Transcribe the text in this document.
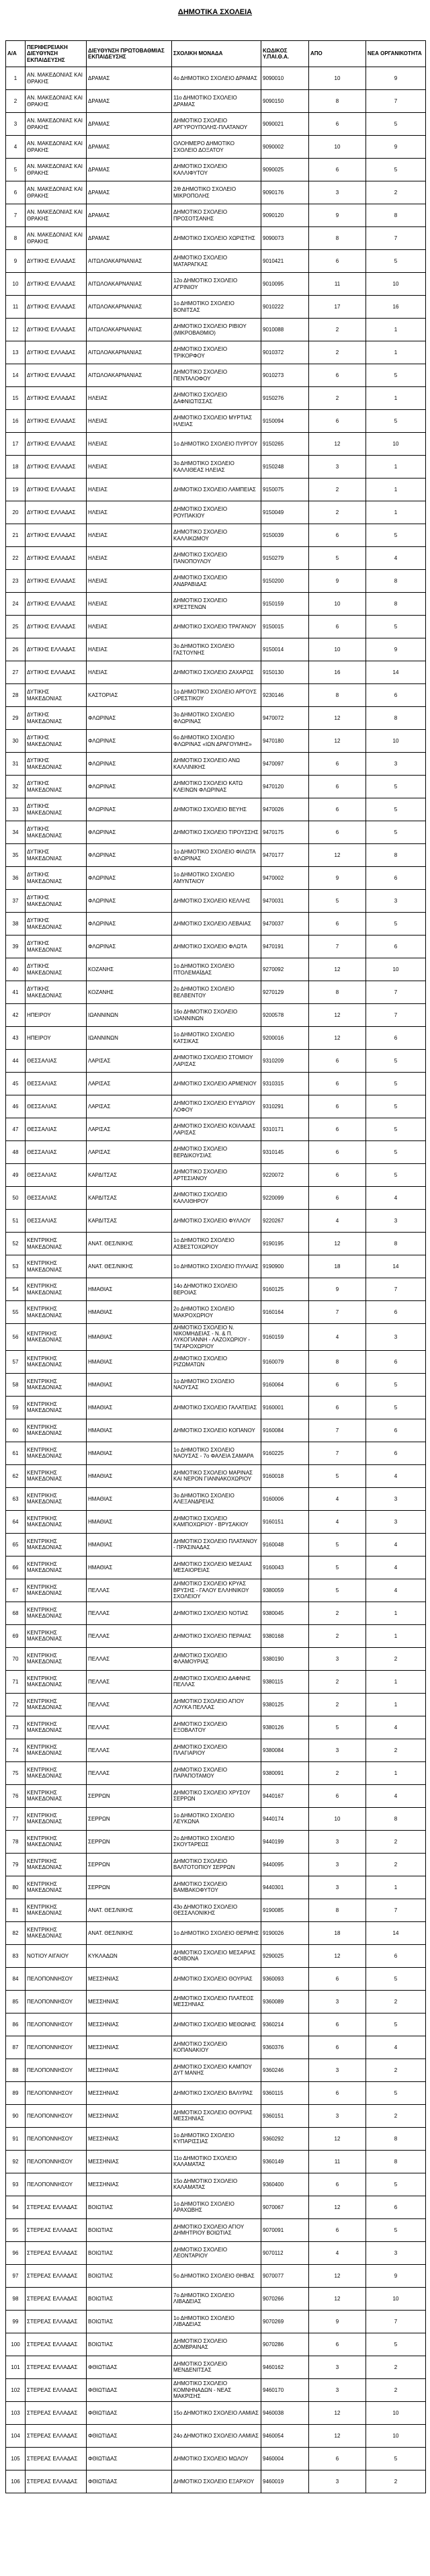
ΔΗΜΟΤΙΚΑ ΣΧΟΛΕΙΑ
Α/Α	ΠΕΡΙΦΕΡΕΙΑΚΗ ΔΙΕΥΘΥΝΣΗ ΕΚΠΑΙΔΕΥΣΗΣ	ΔΙΕΥΘΥΝΣΗ ΠΡΩΤΟΒΑΘΜΙΑΣ ΕΚΠΑΙΔΕΥΣΗΣ	ΣΧΟΛΙΚΗ ΜΟΝΑΔΑ	ΚΩΔΙΚΟΣ Υ.ΠΑΙ.Θ.Α.	ΑΠΟ	ΝΕΑ ΟΡΓΑΝΙΚΟΤΗΤΑ
1	ΑΝ. ΜΑΚΕΔΟΝΙΑΣ ΚΑΙ ΘΡΑΚΗΣ	ΔΡΑΜΑΣ	4ο ΔΗΜΟΤΙΚΟ ΣΧΟΛΕΙΟ ΔΡΑΜΑΣ	9090010	10	9
2	ΑΝ. ΜΑΚΕΔΟΝΙΑΣ ΚΑΙ ΘΡΑΚΗΣ	ΔΡΑΜΑΣ	11ο ΔΗΜΟΤΙΚΟ ΣΧΟΛΕΙΟ ΔΡΑΜΑΣ	9090150	8	7
3	ΑΝ. ΜΑΚΕΔΟΝΙΑΣ ΚΑΙ ΘΡΑΚΗΣ	ΔΡΑΜΑΣ	ΔΗΜΟΤΙΚΟ ΣΧΟΛΕΙΟ ΑΡΓΥΡΟΥΠΟΛΗΣ-ΠΛΑΤΑΝΟΥ	9090021	6	5
4	ΑΝ. ΜΑΚΕΔΟΝΙΑΣ ΚΑΙ ΘΡΑΚΗΣ	ΔΡΑΜΑΣ	ΟΛΟΗΜΕΡΟ ΔΗΜΟΤΙΚΟ ΣΧΟΛΕΙΟ ΔΟΞΑΤΟΥ	9090002	10	9
5	ΑΝ. ΜΑΚΕΔΟΝΙΑΣ ΚΑΙ ΘΡΑΚΗΣ	ΔΡΑΜΑΣ	ΔΗΜΟΤΙΚΟ ΣΧΟΛΕΙΟ ΚΑΛΛΙΦΥΤΟΥ	9090025	6	5
6	ΑΝ. ΜΑΚΕΔΟΝΙΑΣ ΚΑΙ ΘΡΑΚΗΣ	ΔΡΑΜΑΣ	2/θ ΔΗΜΟΤΙΚΟ ΣΧΟΛΕΙΟ ΜΙΚΡΟΠΟΛΗΣ	9090176	3	2
7	ΑΝ. ΜΑΚΕΔΟΝΙΑΣ ΚΑΙ ΘΡΑΚΗΣ	ΔΡΑΜΑΣ	ΔΗΜΟΤΙΚΟ ΣΧΟΛΕΙΟ ΠΡΟΣΟΤΣΑΝΗΣ	9090120	9	8
8	ΑΝ. ΜΑΚΕΔΟΝΙΑΣ ΚΑΙ ΘΡΑΚΗΣ	ΔΡΑΜΑΣ	ΔΗΜΟΤΙΚΟ ΣΧΟΛΕΙΟ ΧΩΡΙΣΤΗΣ	9090073	8	7
9	ΔΥΤΙΚΗΣ ΕΛΛΑΔΑΣ	ΑΙΤΩΛΟΑΚΑΡΝΑΝΙΑΣ	ΔΗΜΟΤΙΚΟ ΣΧΟΛΕΙΟ ΜΑΤΑΡΑΓΚΑΣ	9010421	6	5
10	ΔΥΤΙΚΗΣ ΕΛΛΑΔΑΣ	ΑΙΤΩΛΟΑΚΑΡΝΑΝΙΑΣ	12ο ΔΗΜΟΤΙΚΟ ΣΧΟΛΕΙΟ ΑΓΡΙΝΙΟΥ	9010095	11	10
11	ΔΥΤΙΚΗΣ ΕΛΛΑΔΑΣ	ΑΙΤΩΛΟΑΚΑΡΝΑΝΙΑΣ	1ο ΔΗΜΟΤΙΚΟ ΣΧΟΛΕΙΟ ΒΟΝΙΤΣΑΣ	9010222	17	16
12	ΔΥΤΙΚΗΣ ΕΛΛΑΔΑΣ	ΑΙΤΩΛΟΑΚΑΡΝΑΝΙΑΣ	ΔΗΜΟΤΙΚΟ ΣΧΟΛΕΙΟ ΡΙΒΙΟΥ (ΜΙΚΡΟΒΑΘΜΙΟ)	9010088	2	1
13	ΔΥΤΙΚΗΣ ΕΛΛΑΔΑΣ	ΑΙΤΩΛΟΑΚΑΡΝΑΝΙΑΣ	ΔΗΜΟΤΙΚΟ ΣΧΟΛΕΙΟ ΤΡΙΚΟΡΦΟΥ	9010372	2	1
14	ΔΥΤΙΚΗΣ ΕΛΛΑΔΑΣ	ΑΙΤΩΛΟΑΚΑΡΝΑΝΙΑΣ	ΔΗΜΟΤΙΚΟ ΣΧΟΛΕΙΟ ΠΕΝΤΑΛΟΦΟΥ	9010273	6	5
15	ΔΥΤΙΚΗΣ ΕΛΛΑΔΑΣ	ΗΛΕΙΑΣ	ΔΗΜΟΤΙΚΟ ΣΧΟΛΕΙΟ ΔΑΦΝΙΩΤΙΣΣΑΣ	9150276	2	1
16	ΔΥΤΙΚΗΣ ΕΛΛΑΔΑΣ	ΗΛΕΙΑΣ	ΔΗΜΟΤΙΚΟ ΣΧΟΛΕΙΟ ΜΥΡΤΙΑΣ ΗΛΕΙΑΣ	9150094	6	5
17	ΔΥΤΙΚΗΣ ΕΛΛΑΔΑΣ	ΗΛΕΙΑΣ	1ο ΔΗΜΟΤΙΚΟ ΣΧΟΛΕΙΟ ΠΥΡΓΟΥ	9150265	12	10
18	ΔΥΤΙΚΗΣ ΕΛΛΑΔΑΣ	ΗΛΕΙΑΣ	3ο ΔΗΜΟΤΙΚΟ ΣΧΟΛΕΙΟ ΚΑΛΛΙΘΕΑΣ ΗΛΕΙΑΣ	9150248	3	1
19	ΔΥΤΙΚΗΣ ΕΛΛΑΔΑΣ	ΗΛΕΙΑΣ	ΔΗΜΟΤΙΚΟ ΣΧΟΛΕΙΟ ΛΑΜΠΕΙΑΣ	9150075	2	1
20	ΔΥΤΙΚΗΣ ΕΛΛΑΔΑΣ	ΗΛΕΙΑΣ	ΔΗΜΟΤΙΚΟ ΣΧΟΛΕΙΟ ΡΟΥΠΑΚΙΟΥ	9150049	2	1
21	ΔΥΤΙΚΗΣ ΕΛΛΑΔΑΣ	ΗΛΕΙΑΣ	ΔΗΜΟΤΙΚΟ ΣΧΟΛΕΙΟ ΚΑΛΛΙΚΩΜΟΥ	9150039	6	5
22	ΔΥΤΙΚΗΣ ΕΛΛΑΔΑΣ	ΗΛΕΙΑΣ	ΔΗΜΟΤΙΚΟ ΣΧΟΛΕΙΟ ΠΑΝΟΠΟΥΛΟΥ	9150279	5	4
23	ΔΥΤΙΚΗΣ ΕΛΛΑΔΑΣ	ΗΛΕΙΑΣ	ΔΗΜΟΤΙΚΟ ΣΧΟΛΕΙΟ ΑΝΔΡΑΒΙΔΑΣ	9150200	9	8
24	ΔΥΤΙΚΗΣ ΕΛΛΑΔΑΣ	ΗΛΕΙΑΣ	ΔΗΜΟΤΙΚΟ ΣΧΟΛΕΙΟ ΚΡΕΣΤΕΝΩΝ	9150159	10	8
25	ΔΥΤΙΚΗΣ ΕΛΛΑΔΑΣ	ΗΛΕΙΑΣ	ΔΗΜΟΤΙΚΟ ΣΧΟΛΕΙΟ ΤΡΑΓΑΝΟΥ	9150015	6	5
26	ΔΥΤΙΚΗΣ ΕΛΛΑΔΑΣ	ΗΛΕΙΑΣ	3ο ΔΗΜΟΤΙΚΟ ΣΧΟΛΕΙΟ ΓΑΣΤΟΥΝΗΣ	9150014	10	9
27	ΔΥΤΙΚΗΣ ΕΛΛΑΔΑΣ	ΗΛΕΙΑΣ	ΔΗΜΟΤΙΚΟ ΣΧΟΛΕΙΟ ΖΑΧΑΡΩΣ	9150130	16	14
28	ΔΥΤΙΚΗΣ ΜΑΚΕΔΟΝΙΑΣ	ΚΑΣΤΟΡΙΑΣ	1ο ΔΗΜΟΤΙΚΟ ΣΧΟΛΕΙΟ ΑΡΓΟΥΣ ΟΡΕΣΤΙΚΟΥ	9230146	8	6
29	ΔΥΤΙΚΗΣ ΜΑΚΕΔΟΝΙΑΣ	ΦΛΩΡΙΝΑΣ	3ο ΔΗΜΟΤΙΚΟ ΣΧΟΛΕΙΟ ΦΛΩΡΙΝΑΣ	9470072	12	8
30	ΔΥΤΙΚΗΣ ΜΑΚΕΔΟΝΙΑΣ	ΦΛΩΡΙΝΑΣ	6ο ΔΗΜΟΤΙΚΟ ΣΧΟΛΕΙΟ ΦΛΩΡΙΝΑΣ «ΙΩΝ ΔΡΑΓΟΥΜΗΣ»	9470180	12	10
31	ΔΥΤΙΚΗΣ ΜΑΚΕΔΟΝΙΑΣ	ΦΛΩΡΙΝΑΣ	ΔΗΜΟΤΙΚΟ ΣΧΟΛΕΙΟ ΑΝΩ ΚΑΛΛΙΝΙΚΗΣ	9470097	6	3
32	ΔΥΤΙΚΗΣ ΜΑΚΕΔΟΝΙΑΣ	ΦΛΩΡΙΝΑΣ	ΔΗΜΟΤΙΚΟ ΣΧΟΛΕΙΟ ΚΑΤΩ ΚΛΕΙΝΩΝ ΦΛΩΡΙΝΑΣ	9470120	6	5
33	ΔΥΤΙΚΗΣ ΜΑΚΕΔΟΝΙΑΣ	ΦΛΩΡΙΝΑΣ	ΔΗΜΟΤΙΚΟ ΣΧΟΛΕΙΟ ΒΕΥΗΣ	9470026	6	5
34	ΔΥΤΙΚΗΣ ΜΑΚΕΔΟΝΙΑΣ	ΦΛΩΡΙΝΑΣ	ΔΗΜΟΤΙΚΟ ΣΧΟΛΕΙΟ ΤΙΡΟΥΣΣΗΣ	9470175	6	5
35	ΔΥΤΙΚΗΣ ΜΑΚΕΔΟΝΙΑΣ	ΦΛΩΡΙΝΑΣ	1ο ΔΗΜΟΤΙΚΟ ΣΧΟΛΕΙΟ ΦΙΛΩΤΑ ΦΛΩΡΙΝΑΣ	9470177	12	8
36	ΔΥΤΙΚΗΣ ΜΑΚΕΔΟΝΙΑΣ	ΦΛΩΡΙΝΑΣ	1ο ΔΗΜΟΤΙΚΟ ΣΧΟΛΕΙΟ ΑΜΥΝΤΑΙΟΥ	9470002	9	6
37	ΔΥΤΙΚΗΣ ΜΑΚΕΔΟΝΙΑΣ	ΦΛΩΡΙΝΑΣ	ΔΗΜΟΤΙΚΟ ΣΧΟΛΕΙΟ ΚΕΛΛΗΣ	9470031	5	3
38	ΔΥΤΙΚΗΣ ΜΑΚΕΔΟΝΙΑΣ	ΦΛΩΡΙΝΑΣ	ΔΗΜΟΤΙΚΟ ΣΧΟΛΕΙΟ ΛΕΒΑΙΑΣ	9470037	6	5
39	ΔΥΤΙΚΗΣ ΜΑΚΕΔΟΝΙΑΣ	ΦΛΩΡΙΝΑΣ	ΔΗΜΟΤΙΚΟ ΣΧΟΛΕΙΟ ΦΛΩΤΑ	9470191	7	6
40	ΔΥΤΙΚΗΣ ΜΑΚΕΔΟΝΙΑΣ	ΚΟΖΑΝΗΣ	1ο ΔΗΜΟΤΙΚΟ ΣΧΟΛΕΙΟ ΠΤΟΛΕΜΑΪΔΑΣ	9270092	12	10
41	ΔΥΤΙΚΗΣ ΜΑΚΕΔΟΝΙΑΣ	ΚΟΖΑΝΗΣ	2ο ΔΗΜΟΤΙΚΟ ΣΧΟΛΕΙΟ ΒΕΛΒΕΝΤΟΥ	9270129	8	7
42	ΗΠΕΙΡΟΥ	ΙΩΑΝΝΙΝΩΝ	16ο ΔΗΜΟΤΙΚΟ ΣΧΟΛΕΙΟ ΙΩΑΝΝΙΝΩΝ	9200578	12	7
43	ΗΠΕΙΡΟΥ	ΙΩΑΝΝΙΝΩΝ	1ο ΔΗΜΟΤΙΚΟ ΣΧΟΛΕΙΟ ΚΑΤΣΙΚΑΣ	9200016	12	6
44	ΘΕΣΣΑΛΙΑΣ	ΛΑΡΙΣΑΣ	ΔΗΜΟΤΙΚΟ ΣΧΟΛΕΙΟ ΣΤΟΜΙΟΥ ΛΑΡΙΣΑΣ	9310209	6	5
45	ΘΕΣΣΑΛΙΑΣ	ΛΑΡΙΣΑΣ	ΔΗΜΟΤΙΚΟ ΣΧΟΛΕΙΟ ΑΡΜΕΝΙΟΥ	9310315	6	5
46	ΘΕΣΣΑΛΙΑΣ	ΛΑΡΙΣΑΣ	ΔΗΜΟΤΙΚΟ ΣΧΟΛΕΙΟ ΕΥΥΔΡΙΟΥ ΛΟΦΟΥ	9310291	6	5
47	ΘΕΣΣΑΛΙΑΣ	ΛΑΡΙΣΑΣ	ΔΗΜΟΤΙΚΟ ΣΧΟΛΕΙΟ ΚΟΙΛΑΔΑΣ ΛΑΡΙΣΑΣ	9310171	6	5
48	ΘΕΣΣΑΛΙΑΣ	ΛΑΡΙΣΑΣ	ΔΗΜΟΤΙΚΟ ΣΧΟΛΕΙΟ ΒΕΡΔΙΚΟΥΣΙΑΣ	9310145	6	5
49	ΘΕΣΣΑΛΙΑΣ	ΚΑΡΔΙΤΣΑΣ	ΔΗΜΟΤΙΚΟ ΣΧΟΛΕΙΟ ΑΡΤΕΣΙΑΝΟΥ	9220072	6	5
50	ΘΕΣΣΑΛΙΑΣ	ΚΑΡΔΙΤΣΑΣ	ΔΗΜΟΤΙΚΟ ΣΧΟΛΕΙΟ ΚΑΛΛΙΘΗΡΟΥ	9220099	6	4
51	ΘΕΣΣΑΛΙΑΣ	ΚΑΡΔΙΤΣΑΣ	ΔΗΜΟΤΙΚΟ ΣΧΟΛΕΙΟ ΦΥΛΛΟΥ	9220267	4	3
52	ΚΕΝΤΡΙΚΗΣ ΜΑΚΕΔΟΝΙΑΣ	ΑΝΑΤ. ΘΕΣ/ΝΙΚΗΣ	1ο ΔΗΜΟΤΙΚΟ ΣΧΟΛΕΙΟ ΑΣΒΕΣΤΟΧΩΡΙΟΥ	9190195	12	8
53	ΚΕΝΤΡΙΚΗΣ ΜΑΚΕΔΟΝΙΑΣ	ΑΝΑΤ. ΘΕΣ/ΝΙΚΗΣ	1ο ΔΗΜΟΤΙΚΟ ΣΧΟΛΕΙΟ ΠΥΛΑΙΑΣ	9190900	18	14
54	ΚΕΝΤΡΙΚΗΣ ΜΑΚΕΔΟΝΙΑΣ	ΗΜΑΘΙΑΣ	14ο ΔΗΜΟΤΙΚΟ ΣΧΟΛΕΙΟ ΒΕΡΟΙΑΣ	9160125	9	7
55	ΚΕΝΤΡΙΚΗΣ ΜΑΚΕΔΟΝΙΑΣ	ΗΜΑΘΙΑΣ	2ο ΔΗΜΟΤΙΚΟ ΣΧΟΛΕΙΟ ΜΑΚΡΟΧΩΡΙΟΥ	9160164	7	6
56	ΚΕΝΤΡΙΚΗΣ ΜΑΚΕΔΟΝΙΑΣ	ΗΜΑΘΙΑΣ	ΔΗΜΟΤΙΚΟ ΣΧΟΛΕΙΟ Ν. ΝΙΚΟΜΗΔΕΙΑΣ - Ν. & Π. ΛΥΚΟΓΙΑΝΝΗ - ΛΑΖΟΧΩΡΙΟΥ - ΤΑΓΑΡΟΧΩΡΙΟΥ	9160159	4	3
57	ΚΕΝΤΡΙΚΗΣ ΜΑΚΕΔΟΝΙΑΣ	ΗΜΑΘΙΑΣ	ΔΗΜΟΤΙΚΟ ΣΧΟΛΕΙΟ ΡΙΖΩΜΑΤΩΝ	9160079	8	6
58	ΚΕΝΤΡΙΚΗΣ ΜΑΚΕΔΟΝΙΑΣ	ΗΜΑΘΙΑΣ	1ο ΔΗΜΟΤΙΚΟ ΣΧΟΛΕΙΟ ΝΑΟΥΣΑΣ	9160064	6	5
59	ΚΕΝΤΡΙΚΗΣ ΜΑΚΕΔΟΝΙΑΣ	ΗΜΑΘΙΑΣ	ΔΗΜΟΤΙΚΟ ΣΧΟΛΕΙΟ ΓΑΛΑΤΕΙΑΣ	9160001	6	5
60	ΚΕΝΤΡΙΚΗΣ ΜΑΚΕΔΟΝΙΑΣ	ΗΜΑΘΙΑΣ	ΔΗΜΟΤΙΚΟ ΣΧΟΛΕΙΟ ΚΟΠΑΝΟΥ	9160084	7	6
61	ΚΕΝΤΡΙΚΗΣ ΜΑΚΕΔΟΝΙΑΣ	ΗΜΑΘΙΑΣ	1ο ΔΗΜΟΤΙΚΟ ΣΧΟΛΕΙΟ ΝΑΟΥΣΑΣ - 7ο ΦΑΛΕΙΑ ΣΑΜΑΡΑ	9160225	7	6
62	ΚΕΝΤΡΙΚΗΣ ΜΑΚΕΔΟΝΙΑΣ	ΗΜΑΘΙΑΣ	ΔΗΜΟΤΙΚΟ ΣΧΟΛΕΙΟ ΜΑΡΙΝΑΣ ΚΑΙ ΝΕΡΟΝ ΓΙΑΝΝΑΚΟΧΩΡΙΟΥ	9160018	5	4
63	ΚΕΝΤΡΙΚΗΣ ΜΑΚΕΔΟΝΙΑΣ	ΗΜΑΘΙΑΣ	3ο ΔΗΜΟΤΙΚΟ ΣΧΟΛΕΙΟ ΑΛΕΞΑΝΔΡΕΙΑΣ	9160006	4	3
64	ΚΕΝΤΡΙΚΗΣ ΜΑΚΕΔΟΝΙΑΣ	ΗΜΑΘΙΑΣ	ΔΗΜΟΤΙΚΟ ΣΧΟΛΕΙΟ ΚΑΜΠΟΧΩΡΙΟΥ - ΒΡΥΣΑΚΙΟΥ	9160151	4	3
65	ΚΕΝΤΡΙΚΗΣ ΜΑΚΕΔΟΝΙΑΣ	ΗΜΑΘΙΑΣ	ΔΗΜΟΤΙΚΟ ΣΧΟΛΕΙΟ ΠΛΑΤΑΝΟΥ - ΠΡΑΣΙΝΑΔΑΣ	9160048	5	4
66	ΚΕΝΤΡΙΚΗΣ ΜΑΚΕΔΟΝΙΑΣ	ΗΜΑΘΙΑΣ	ΔΗΜΟΤΙΚΟ ΣΧΟΛΕΙΟ ΜΕΣΑΙΑΣ ΜΕΣΑΙΟΡΕΙΑΣ	9160043	5	4
67	ΚΕΝΤΡΙΚΗΣ ΜΑΚΕΔΟΝΙΑΣ	ΠΕΛΛΑΣ	ΔΗΜΟΤΙΚΟ ΣΧΟΛΕΙΟ ΚΡΥΑΣ ΒΡΥΣΗΣ - ΓΑΛΟΥ ΕΛΛΗΝΙΚΟΥ ΣΧΟΛΕΙΟΥ	9380059	5	4
68	ΚΕΝΤΡΙΚΗΣ ΜΑΚΕΔΟΝΙΑΣ	ΠΕΛΛΑΣ	ΔΗΜΟΤΙΚΟ ΣΧΟΛΕΙΟ ΝΟΤΙΑΣ	9380045	2	1
69	ΚΕΝΤΡΙΚΗΣ ΜΑΚΕΔΟΝΙΑΣ	ΠΕΛΛΑΣ	ΔΗΜΟΤΙΚΟ ΣΧΟΛΕΙΟ ΠΕΡΑΙΑΣ	9380168	2	1
70	ΚΕΝΤΡΙΚΗΣ ΜΑΚΕΔΟΝΙΑΣ	ΠΕΛΛΑΣ	ΔΗΜΟΤΙΚΟ ΣΧΟΛΕΙΟ ΦΛΑΜΟΥΡΙΑΣ	9380190	3	2
71	ΚΕΝΤΡΙΚΗΣ ΜΑΚΕΔΟΝΙΑΣ	ΠΕΛΛΑΣ	ΔΗΜΟΤΙΚΟ ΣΧΟΛΕΙΟ ΔΑΦΝΗΣ ΠΕΛΛΑΣ	9380115	2	1
72	ΚΕΝΤΡΙΚΗΣ ΜΑΚΕΔΟΝΙΑΣ	ΠΕΛΛΑΣ	ΔΗΜΟΤΙΚΟ ΣΧΟΛΕΙΟ ΑΓΙΟΥ ΛΟΥΚΑ ΠΕΛΛΑΣ	9380125	2	1
73	ΚΕΝΤΡΙΚΗΣ ΜΑΚΕΔΟΝΙΑΣ	ΠΕΛΛΑΣ	ΔΗΜΟΤΙΚΟ ΣΧΟΛΕΙΟ ΕΞΟΒΑΛΤΟΥ	9380126	5	4
74	ΚΕΝΤΡΙΚΗΣ ΜΑΚΕΔΟΝΙΑΣ	ΠΕΛΛΑΣ	ΔΗΜΟΤΙΚΟ ΣΧΟΛΕΙΟ ΠΛΑΓΙΑΡΙΟΥ	9380084	3	2
75	ΚΕΝΤΡΙΚΗΣ ΜΑΚΕΔΟΝΙΑΣ	ΠΕΛΛΑΣ	ΔΗΜΟΤΙΚΟ ΣΧΟΛΕΙΟ ΠΑΡΑΠΟΤΑΜΟΥ	9380091	2	1
76	ΚΕΝΤΡΙΚΗΣ ΜΑΚΕΔΟΝΙΑΣ	ΣΕΡΡΩΝ	ΔΗΜΟΤΙΚΟ ΣΧΟΛΕΙΟ ΧΡΥΣΟΥ ΣΕΡΡΩΝ	9440167	6	4
77	ΚΕΝΤΡΙΚΗΣ ΜΑΚΕΔΟΝΙΑΣ	ΣΕΡΡΩΝ	1ο ΔΗΜΟΤΙΚΟ ΣΧΟΛΕΙΟ ΛΕΥΚΩΝΑ	9440174	10	8
78	ΚΕΝΤΡΙΚΗΣ ΜΑΚΕΔΟΝΙΑΣ	ΣΕΡΡΩΝ	2ο ΔΗΜΟΤΙΚΟ ΣΧΟΛΕΙΟ ΣΚΟΥΤΑΡΕΩΣ	9440199	3	2
79	ΚΕΝΤΡΙΚΗΣ ΜΑΚΕΔΟΝΙΑΣ	ΣΕΡΡΩΝ	ΔΗΜΟΤΙΚΟ ΣΧΟΛΕΙΟ ΒΑΛΤΟΤΟΠΙΟΥ ΣΕΡΡΩΝ	9440095	3	2
80	ΚΕΝΤΡΙΚΗΣ ΜΑΚΕΔΟΝΙΑΣ	ΣΕΡΡΩΝ	ΔΗΜΟΤΙΚΟ ΣΧΟΛΕΙΟ ΒΑΜΒΑΚΟΦΥΤΟΥ	9440301	3	1
81	ΚΕΝΤΡΙΚΗΣ ΜΑΚΕΔΟΝΙΑΣ	ΑΝΑΤ. ΘΕΣ/ΝΙΚΗΣ	43ο ΔΗΜΟΤΙΚΟ ΣΧΟΛΕΙΟ ΘΕΣΣΑΛΟΝΙΚΗΣ	9190085	8	7
82	ΚΕΝΤΡΙΚΗΣ ΜΑΚΕΔΟΝΙΑΣ	ΑΝΑΤ. ΘΕΣ/ΝΙΚΗΣ	1ο ΔΗΜΟΤΙΚΟ ΣΧΟΛΕΙΟ ΘΕΡΜΗΣ	9190026	18	14
83	ΝΟΤΙΟΥ ΑΙΓΑΙΟΥ	ΚΥΚΛΑΔΩΝ	ΔΗΜΟΤΙΚΟ ΣΧΟΛΕΙΟ ΜΕΣΑΡΙΑΣ ΦΟΙΒΟΝΑ	9290025	12	6
84	ΠΕΛΟΠΟΝΝΗΣΟΥ	ΜΕΣΣΗΝΙΑΣ	ΔΗΜΟΤΙΚΟ ΣΧΟΛΕΙΟ ΘΟΥΡΙΑΣ	9360093	6	5
85	ΠΕΛΟΠΟΝΝΗΣΟΥ	ΜΕΣΣΗΝΙΑΣ	ΔΗΜΟΤΙΚΟ ΣΧΟΛΕΙΟ ΠΛΑΤΕΟΣ ΜΕΣΣΗΝΙΑΣ	9360089	3	2
86	ΠΕΛΟΠΟΝΝΗΣΟΥ	ΜΕΣΣΗΝΙΑΣ	ΔΗΜΟΤΙΚΟ ΣΧΟΛΕΙΟ ΜΕΘΩΝΗΣ	9360214	6	5
87	ΠΕΛΟΠΟΝΝΗΣΟΥ	ΜΕΣΣΗΝΙΑΣ	ΔΗΜΟΤΙΚΟ ΣΧΟΛΕΙΟ ΚΟΠΑΝΑΚΙΟΥ	9360376	6	4
88	ΠΕΛΟΠΟΝΝΗΣΟΥ	ΜΕΣΣΗΝΙΑΣ	ΔΗΜΟΤΙΚΟ ΣΧΟΛΕΙΟ ΚΑΜΠΟΥ ΔΥΤ ΜΑΝΗΣ	9360246	3	2
89	ΠΕΛΟΠΟΝΝΗΣΟΥ	ΜΕΣΣΗΝΙΑΣ	ΔΗΜΟΤΙΚΟ ΣΧΟΛΕΙΟ ΒΑΛΥΡΑΣ	9360115	6	5
90	ΠΕΛΟΠΟΝΝΗΣΟΥ	ΜΕΣΣΗΝΙΑΣ	ΔΗΜΟΤΙΚΟ ΣΧΟΛΕΙΟ ΘΟΥΡΙΑΣ ΜΕΣΣΗΝΙΑΣ	9360151	3	2
91	ΠΕΛΟΠΟΝΝΗΣΟΥ	ΜΕΣΣΗΝΙΑΣ	1ο ΔΗΜΟΤΙΚΟ ΣΧΟΛΕΙΟ ΚΥΠΑΡΙΣΣΙΑΣ	9360292	12	8
92	ΠΕΛΟΠΟΝΝΗΣΟΥ	ΜΕΣΣΗΝΙΑΣ	11ο ΔΗΜΟΤΙΚΟ ΣΧΟΛΕΙΟ ΚΑΛΑΜΑΤΑΣ	9360149	11	8
93	ΠΕΛΟΠΟΝΝΗΣΟΥ	ΜΕΣΣΗΝΙΑΣ	15ο ΔΗΜΟΤΙΚΟ ΣΧΟΛΕΙΟ ΚΑΛΑΜΑΤΑΣ	9360400	6	5
94	ΣΤΕΡΕΑΣ ΕΛΛΑΔΑΣ	ΒΟΙΩΤΙΑΣ	1ο ΔΗΜΟΤΙΚΟ ΣΧΟΛΕΙΟ ΑΡΑΧΩΒΗΣ	9070067	12	6
95	ΣΤΕΡΕΑΣ ΕΛΛΑΔΑΣ	ΒΟΙΩΤΙΑΣ	ΔΗΜΟΤΙΚΟ ΣΧΟΛΕΙΟ ΑΓΙΟΥ ΔΗΜΗΤΡΙΟΥ ΒΟΙΩΤΙΑΣ	9070091	6	5
96	ΣΤΕΡΕΑΣ ΕΛΛΑΔΑΣ	ΒΟΙΩΤΙΑΣ	ΔΗΜΟΤΙΚΟ ΣΧΟΛΕΙΟ ΛΕΟΝΤΑΡΙΟΥ	9070112	4	3
97	ΣΤΕΡΕΑΣ ΕΛΛΑΔΑΣ	ΒΟΙΩΤΙΑΣ	5ο ΔΗΜΟΤΙΚΟ ΣΧΟΛΕΙΟ ΘΗΒΑΣ	9070077	12	9
98	ΣΤΕΡΕΑΣ ΕΛΛΑΔΑΣ	ΒΟΙΩΤΙΑΣ	7ο ΔΗΜΟΤΙΚΟ ΣΧΟΛΕΙΟ ΛΙΒΑΔΕΙΑΣ	9070266	12	10
99	ΣΤΕΡΕΑΣ ΕΛΛΑΔΑΣ	ΒΟΙΩΤΙΑΣ	1ο ΔΗΜΟΤΙΚΟ ΣΧΟΛΕΙΟ ΛΙΒΑΔΕΙΑΣ	9070269	9	7
100	ΣΤΕΡΕΑΣ ΕΛΛΑΔΑΣ	ΒΟΙΩΤΙΑΣ	ΔΗΜΟΤΙΚΟ ΣΧΟΛΕΙΟ ΔΟΜΒΡΑΙΝΑΣ	9070286	6	5
101	ΣΤΕΡΕΑΣ ΕΛΛΑΔΑΣ	ΦΘΙΩΤΙΔΑΣ	ΔΗΜΟΤΙΚΟ ΣΧΟΛΕΙΟ ΜΕΝΔΕΝΙΤΣΑΣ	9460162	3	2
102	ΣΤΕΡΕΑΣ ΕΛΛΑΔΑΣ	ΦΘΙΩΤΙΔΑΣ	ΔΗΜΟΤΙΚΟ ΣΧΟΛΕΙΟ ΚΟΜΝΗΝΑΔΩΝ - ΝΕΑΣ ΜΑΚΡΙΣΗΣ	9460170	3	2
103	ΣΤΕΡΕΑΣ ΕΛΛΑΔΑΣ	ΦΘΙΩΤΙΔΑΣ	15ο ΔΗΜΟΤΙΚΟ ΣΧΟΛΕΙΟ ΛΑΜΙΑΣ	9460038	12	10
104	ΣΤΕΡΕΑΣ ΕΛΛΑΔΑΣ	ΦΘΙΩΤΙΔΑΣ	24ο ΔΗΜΟΤΙΚΟ ΣΧΟΛΕΙΟ ΛΑΜΙΑΣ	9460054	12	10
105	ΣΤΕΡΕΑΣ ΕΛΛΑΔΑΣ	ΦΘΙΩΤΙΔΑΣ	ΔΗΜΟΤΙΚΟ ΣΧΟΛΕΙΟ ΜΩΛΟΥ	9460004	6	5
106	ΣΤΕΡΕΑΣ ΕΛΛΑΔΑΣ	ΦΘΙΩΤΙΔΑΣ	ΔΗΜΟΤΙΚΟ ΣΧΟΛΕΙΟ ΕΞΑΡΧΟΥ	9460019	3	2
